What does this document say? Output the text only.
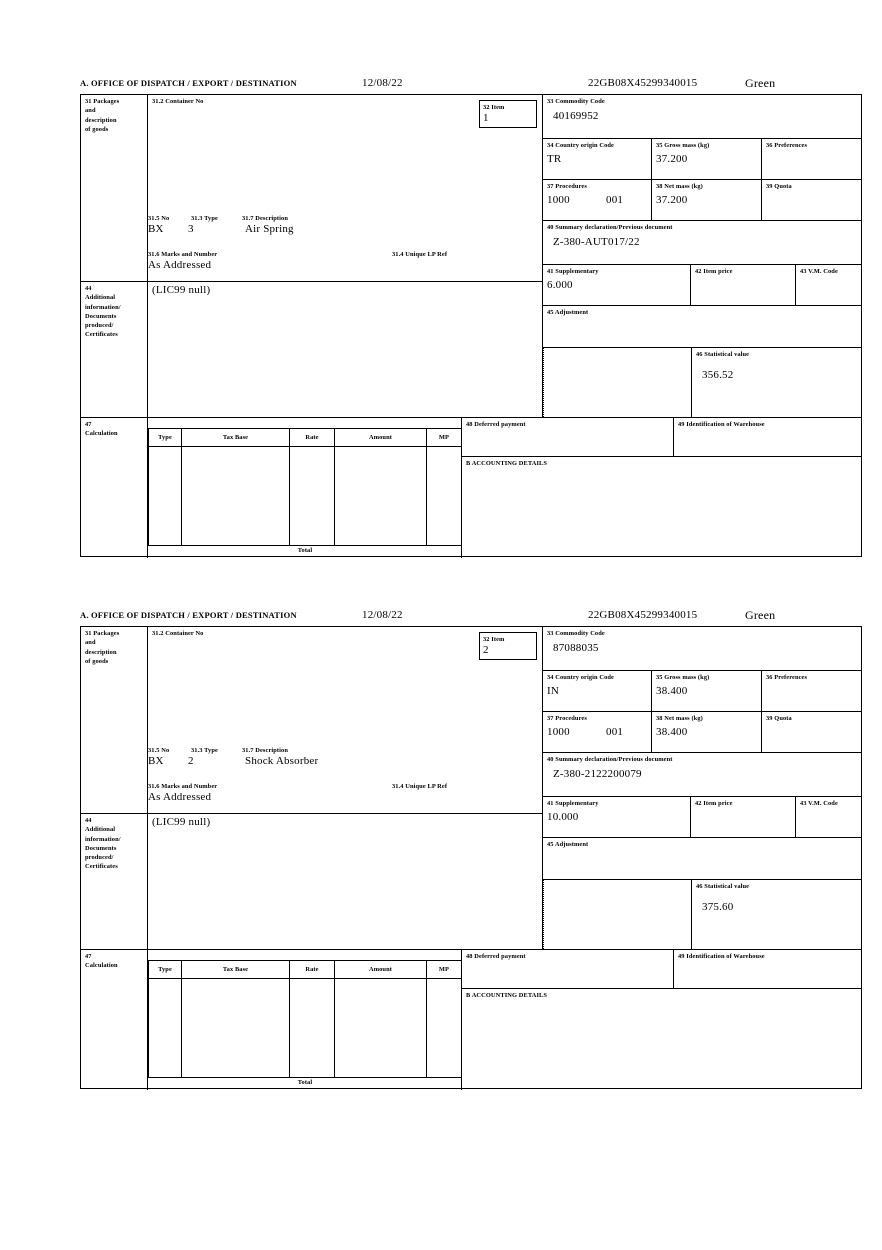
A. OFFICE OF DISPATCH / EXPORT / DESTINATION	12/08/22	22GB08X45299340015	Green
31 Packages
and
description
of goods
31.2 Container No
32 Item
1
31.5 No	31.3 Type	31.7 Description
BX 3	Air Spring
31.6 Marks and Number	31.4 Unique LP Ref
As Addressed
44
Additional
information/
Documents
produced/
Certificates
(LIC99 null)
33 Commodity Code
40169952
34 Country origin Code
TR
35 Gross mass (kg)
37.200
36 Preferences
37 Procedures
1000	001
38 Net mass (kg)
37.200
39 Quota
40 Summary declaration/Previous document
Z-380-AUT017/22
41 Supplementary
6.000
42 Item price	43 V.M. Code
45 Adjustment
46 Statistical value
356.52
47
Calculation
Type	Tax Base	Rate	Amount	MP
Total
48 Deferred payment	49 Identification of Warehouse
B ACCOUNTING DETAILS
A. OFFICE OF DISPATCH / EXPORT / DESTINATION	12/08/22	22GB08X45299340015	Green
31 Packages
and
description
of goods
31.2 Container No
32 Item
2
31.5 No	31.3 Type	31.7 Description
BX 2	Shock Absorber
31.6 Marks and Number	31.4 Unique LP Ref
As Addressed
44
Additional
information/
Documents
produced/
Certificates
(LIC99 null)
33 Commodity Code
87088035
34 Country origin Code
IN
35 Gross mass (kg)
38.400
36 Preferences
37 Procedures
1000	001
38 Net mass (kg)
38.400
39 Quota
40 Summary declaration/Previous document
Z-380-2122200079
41 Supplementary
10.000
42 Item price	43 V.M. Code
45 Adjustment
46 Statistical value
375.60
47
Calculation
Type	Tax Base	Rate	Amount	MP
Total
48 Deferred payment	49 Identification of Warehouse
B ACCOUNTING DETAILS
